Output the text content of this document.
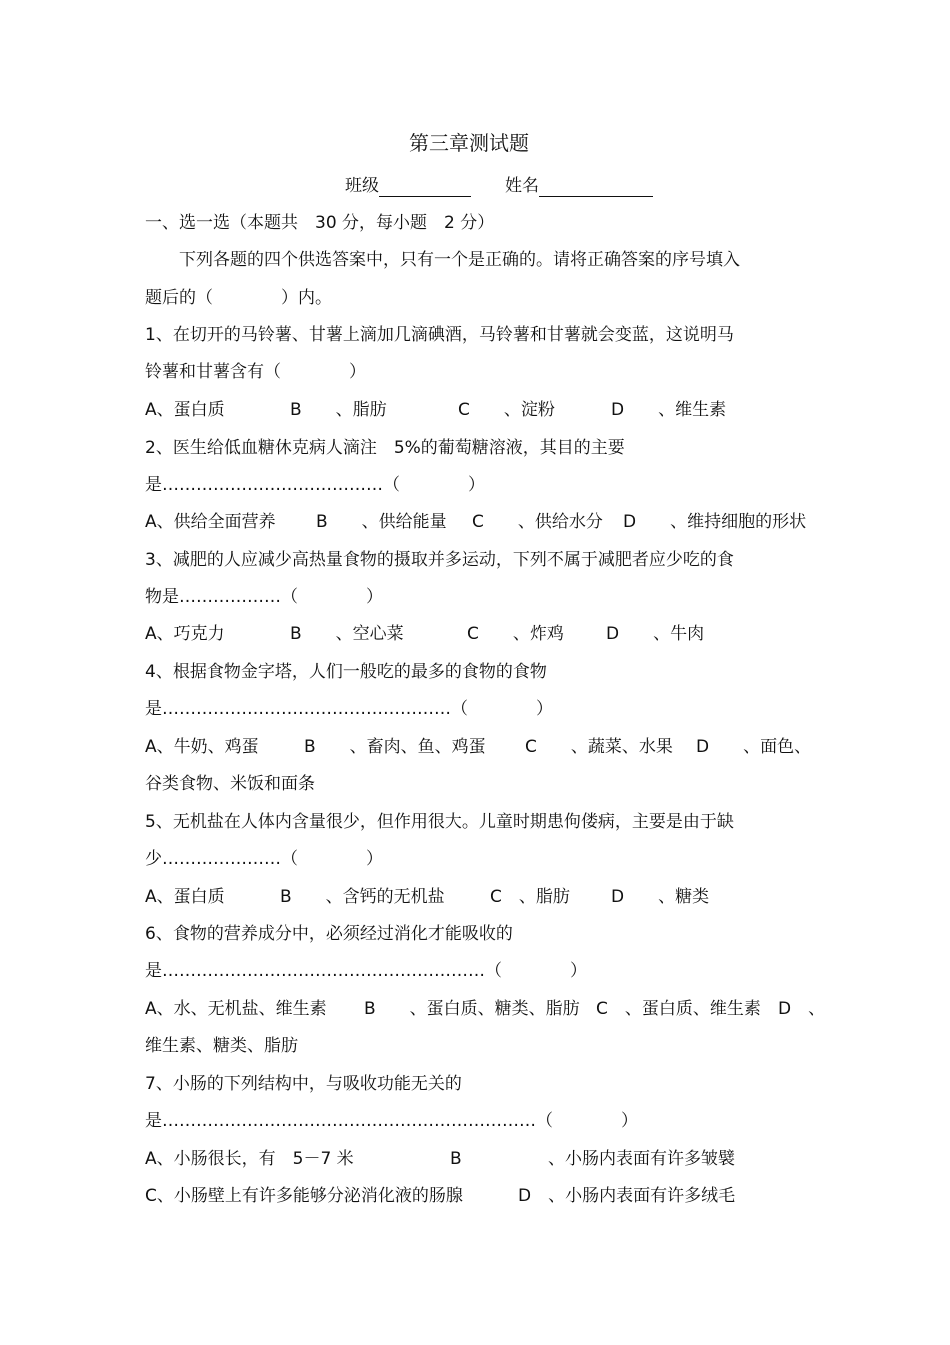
第三章测试题
班级　　	姓名

一、选一选（本题共　30 分，每小题　2 分）

　　下列各题的四个供选答案中，只有一个是正确的。请将正确答案的序号填入

题后的（　　　　）内。

1、在切开的马铃薯、甘薯上滴加几滴碘酒，马铃薯和甘薯就会变蓝，这说明马

铃薯和甘薯含有（　　　　）

A、蛋白质	B　　、脂肪	C　　、淀粉	D　　、维生素

2、医生给低血糖休克病人滴注　5%的葡萄糖溶液，其目的主要

是…………………………………（　　　　）

A、供给全面营养 B　　、供给能量 C　　、供给水分 D　　、维持细胞的形状

3、减肥的人应减少高热量食物的摄取并多运动，下列不属于减肥者应少吃的食

物是………………（　　　　）

A、巧克力	B　　、空心菜	C　　、炸鸡 D　　、牛肉

4、根据食物金字塔，人们一般吃的最多的食物的食物

是……………………………………………（　　　　）

A、牛奶、鸡蛋	B　　、畜肉、鱼、鸡蛋 C　　、蔬菜、水果 D　　、面色、

谷类食物、米饭和面条

5、无机盐在人体内含量很少，但作用很大。儿童时期患佝偻病，主要是由于缺

少…………………（　　　　）

A、蛋白质	B　　、含钙的无机盐	C　、脂肪 D　　、糖类

6、食物的营养成分中，必须经过消化才能吸收的

是…………………………………………………（　　　　）

A、水、无机盐、维生素 B　　、蛋白质、糖类、脂肪 C　、蛋白质、维生素 D　、

维生素、糖类、脂肪

7、小肠的下列结构中，与吸收功能无关的

是…………………………………………………………（　　　　）

A、小肠很长，有　5－7 米	B	、小肠内表面有许多皱襞
C、小肠壁上有许多能够分泌消化液的肠腺	D　、小肠内表面有许多绒毛
